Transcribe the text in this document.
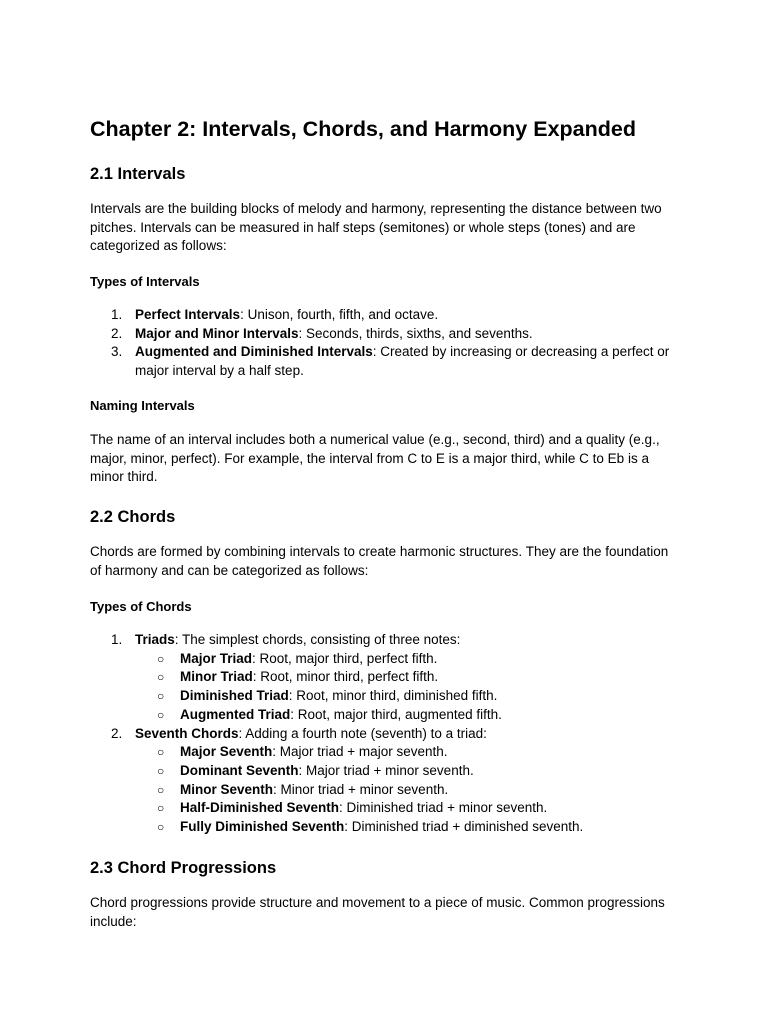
Chapter 2: Intervals, Chords, and Harmony Expanded
2.1 Intervals

Intervals are the building blocks of melody and harmony, representing the distance between two pitches. Intervals can be measured in half steps (semitones) or whole steps (tones) and are categorized as follows:

Types of Intervals
1. Perfect Intervals: Unison, fourth, fifth, and octave.
2. Major and Minor Intervals: Seconds, thirds, sixths, and sevenths.
3. Augmented and Diminished Intervals: Created by increasing or decreasing a perfect or major interval by a half step.
Naming Intervals

The name of an interval includes both a numerical value (e.g., second, third) and a quality (e.g., major, minor, perfect). For example, the interval from C to E is a major third, while C to Eb is a minor third.

2.2 Chords

Chords are formed by combining intervals to create harmonic structures. They are the foundation of harmony and can be categorized as follows:

Types of Chords
1. Triads: The simplest chords, consisting of three notes:
○ Major Triad: Root, major third, perfect fifth.
○ Minor Triad: Root, minor third, perfect fifth.
○ Diminished Triad: Root, minor third, diminished fifth.
○ Augmented Triad: Root, major third, augmented fifth.
2. Seventh Chords: Adding a fourth note (seventh) to a triad:
○ Major Seventh: Major triad + major seventh.
○ Dominant Seventh: Major triad + minor seventh.
○ Minor Seventh: Minor triad + minor seventh.
○ Half-Diminished Seventh: Diminished triad + minor seventh.
○ Fully Diminished Seventh: Diminished triad + diminished seventh.
2.3 Chord Progressions

Chord progressions provide structure and movement to a piece of music. Common progressions include:
